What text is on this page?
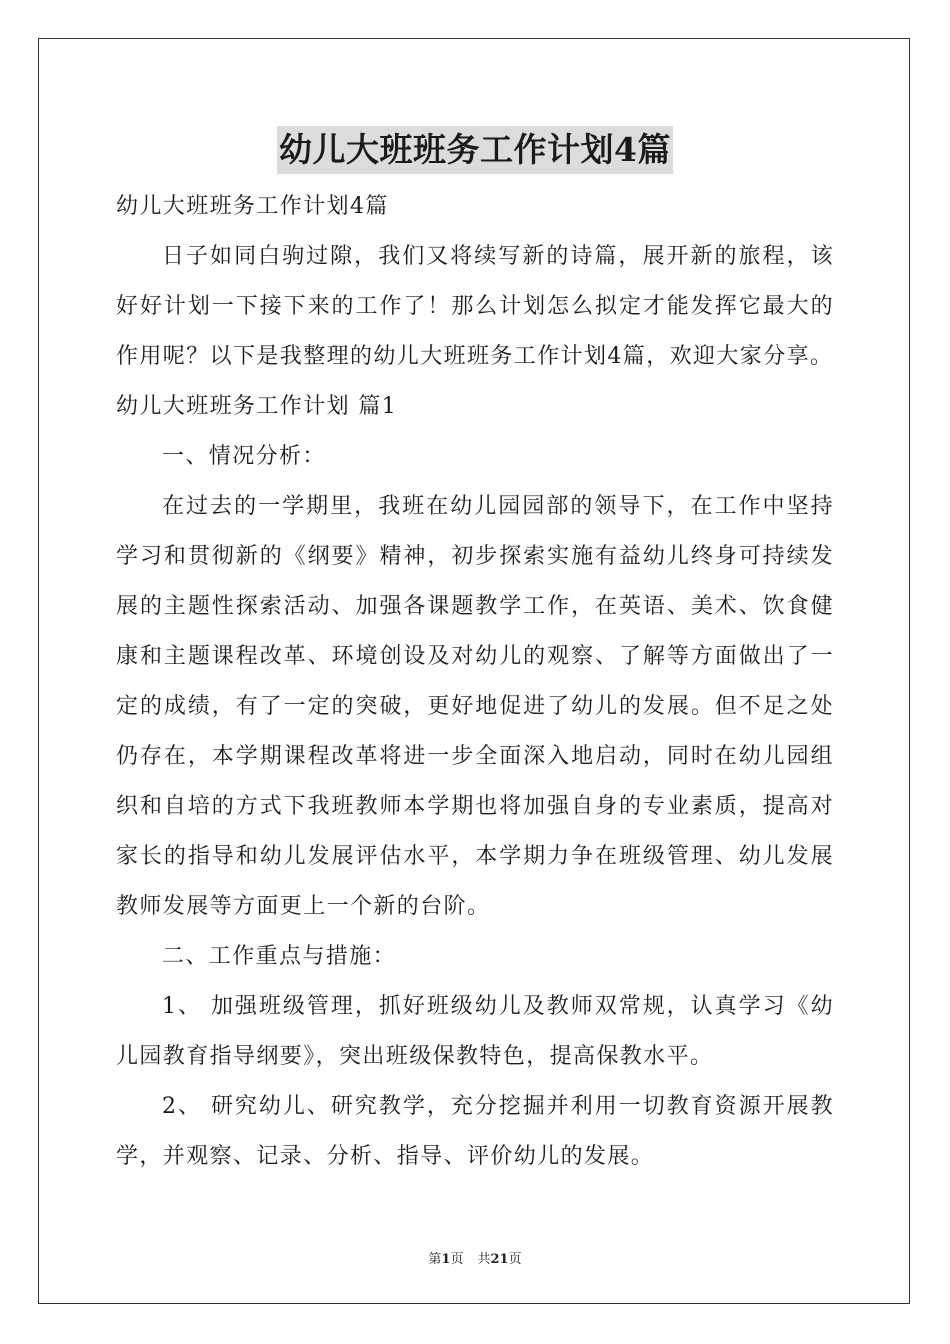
幼儿大班班务工作计划4篇

幼儿大班班务工作计划4篇

日子如同白驹过隙，我们又将续写新的诗篇，展开新的旅程，该好好计划一下接下来的工作了！那么计划怎么拟定才能发挥它最大的作用呢？以下是我整理的幼儿大班班务工作计划4篇，欢迎大家分享。

幼儿大班班务工作计划 篇1

一、情况分析：

在过去的一学期里，我班在幼儿园园部的领导下，在工作中坚持学习和贯彻新的《纲要》精神，初步探索实施有益幼儿终身可持续发展的主题性探索活动、加强各课题教学工作，在英语、美术、饮食健康和主题课程改革、环境创设及对幼儿的观察、了解等方面做出了一定的成绩，有了一定的突破，更好地促进了幼儿的发展。但不足之处仍存在，本学期课程改革将进一步全面深入地启动，同时在幼儿园组织和自培的方式下我班教师本学期也将加强自身的专业素质，提高对家长的指导和幼儿发展评估水平，本学期力争在班级管理、幼儿发展教师发展等方面更上一个新的台阶。

二、工作重点与措施：

1、 加强班级管理，抓好班级幼儿及教师双常规，认真学习《幼儿园教育指导纲要》，突出班级保教特色，提高保教水平。

2、 研究幼儿、研究教学，充分挖掘并利用一切教育资源开展教学，并观察、记录、分析、指导、评价幼儿的发展。

第1页 共21页
